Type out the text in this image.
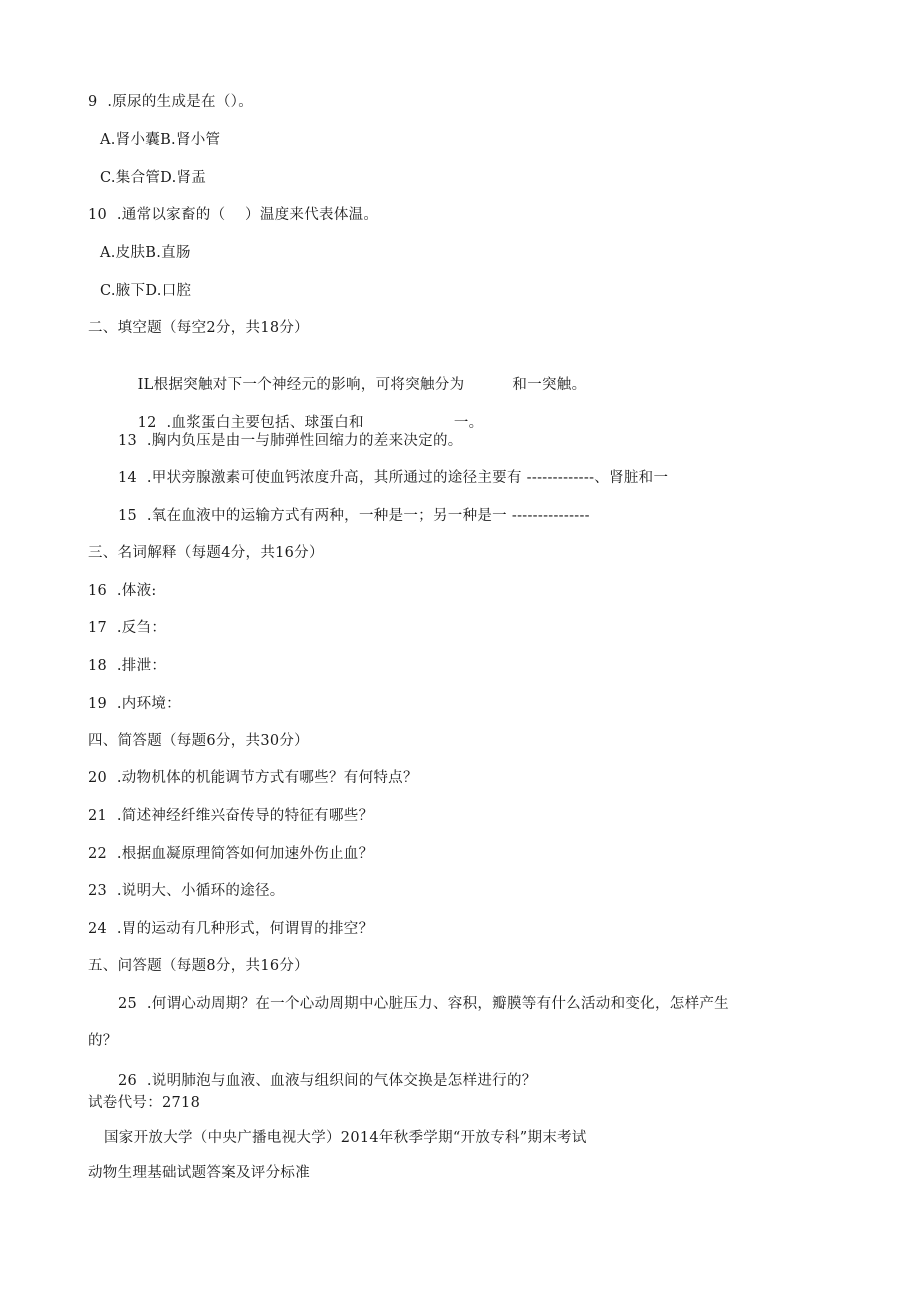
9  .原尿的生成是在（）。
A.肾小囊B.肾小管
C.集合管D.肾盂
10  .通常以家畜的（    ）温度来代表体温。
A.皮肤B.直肠
C.腋下D.口腔
二、填空题（每空2分，共18分）

IL根据突触对下一个神经元的影响，可将突触分为	和一突触。

12  .血浆蛋白主要包括、球蛋白和	一。

13  .胸内负压是由一与肺弹性回缩力的差来决定的。
14  .甲状旁腺激素可使血钙浓度升高，其所通过的途径主要有 -------------、肾脏和一
15  .氧在血液中的运输方式有两种，一种是一；另一种是一 ---------------
三、名词解释（每题4分，共16分）
16  .体液:
17  .反刍：
18  .排泄：
19  .内环境：
四、简答题（每题6分，共30分）
20  .动物机体的机能调节方式有哪些？有何特点？
21  .简述神经纤维兴奋传导的特征有哪些？
22  .根据血凝原理简答如何加速外伤止血？
23  .说明大、小循环的途径。
24  .胃的运动有几种形式，何谓胃的排空？
五、问答题（每题8分，共16分）
25  .何谓心动周期？在一个心动周期中心脏压力、容积，瓣膜等有什么活动和变化，怎样产生
的？
26  .说明肺泡与血液、血液与组织间的气体交换是怎样进行的？
试卷代号：2718
国家开放大学（中央广播电视大学）2014年秋季学期“开放专科”期末考试
动物生理基础试题答案及评分标准
